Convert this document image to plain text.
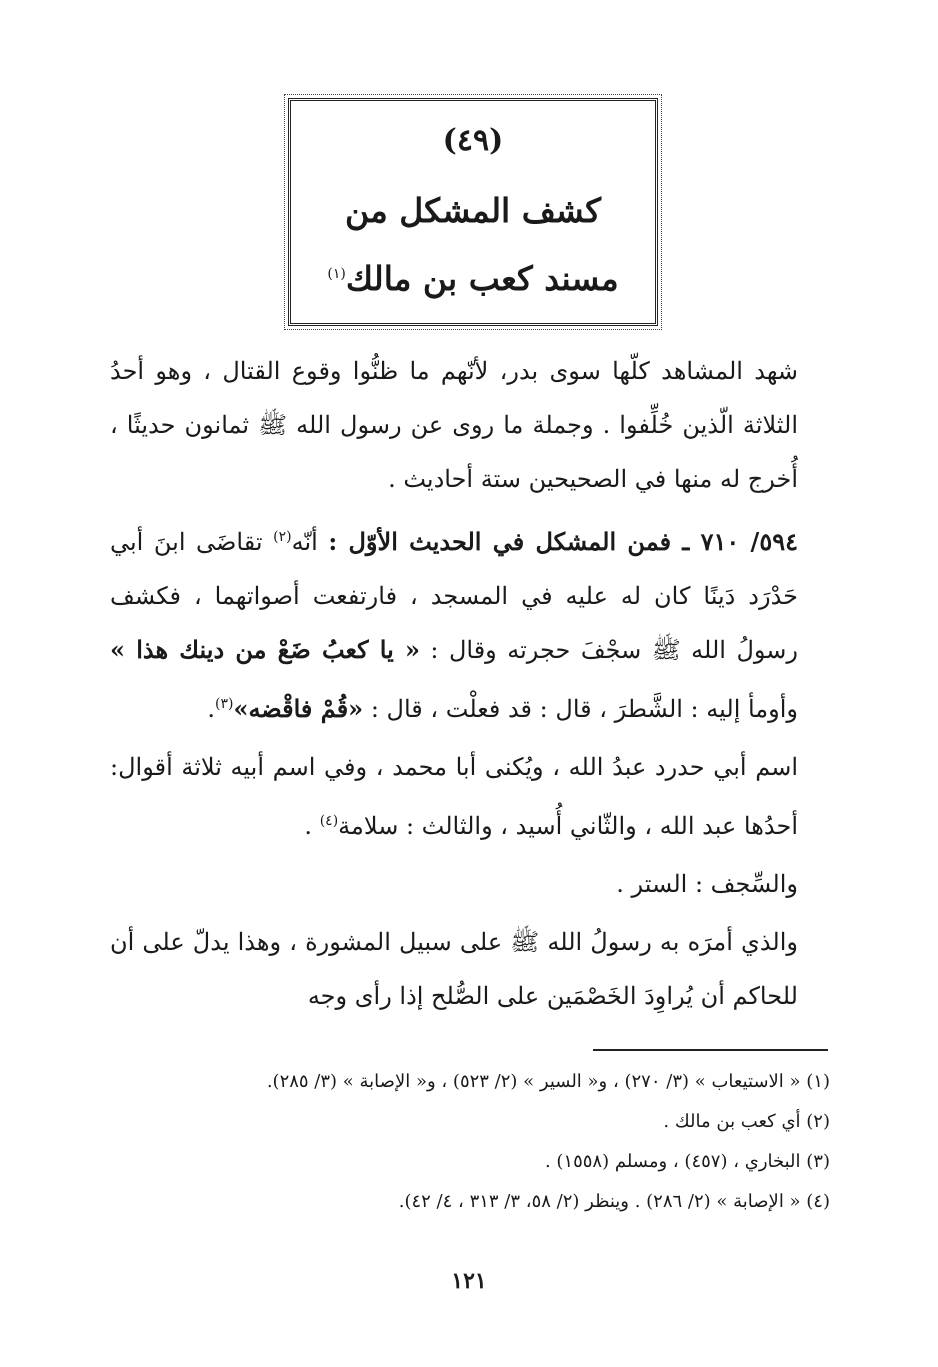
(٤٩)
كشف المشكل من
مسند كعب بن مالك$^{(١)}$

شهد المشاهد كلّها سوى بدر، لأنّهم ما ظنُّوا وقوع القتال ، وهو أحدُ الثلاثة الّذين خُلِّفوا . وجملة ما روى عن رسول الله ﷺ ثمانون حديثًا ، أُخرج له منها في الصحيحين ستة أحاديث .

٥٩٤/ ٧١٠ ـ فمن المشكل في الحديث الأوّل : أنّه$^{(٢)}$ تقاضَى ابنَ أبي حَدْرَد دَينًا كان له عليه في المسجد ، فارتفعت أصواتهما ، فكشف رسولُ الله ﷺ سجْفَ حجرته وقال : « يا كعبُ ضَعْ من دينك هذا » وأومأ إليه : الشَّطرَ ، قال : قد فعلْت ، قال : «قُمْ فاقْضه»$^{(٣)}$.

اسم أبي حدرد عبدُ الله ، ويُكنى أبا محمد ، وفي اسم أبيه ثلاثة أقوال: أحدُها عبد الله ، والثّاني أُسيد ، والثالث : سلامة$^{(٤)}$ .

والسِّجف : الستر .

والذي أمرَه به رسولُ الله ﷺ على سبيل المشورة ، وهذا يدلّ على أن للحاكم أن يُراوِدَ الخَصْمَين على الصُّلح إذا رأى وجه

(١) « الاستيعاب » (٣/ ٢٧٠) ، و« السير » (٢/ ٥٢٣) ، و« الإصابة » (٣/ ٢٨٥).
(٢) أي كعب بن مالك .
(٣) البخاري ، (٤٥٧) ، ومسلم (١٥٥٨) .
(٤) « الإصابة » (٢/ ٢٨٦) . وينظر (٢/ ٥٨، ٣/ ٣١٣ ، ٤/ ٤٢).
١٢١
